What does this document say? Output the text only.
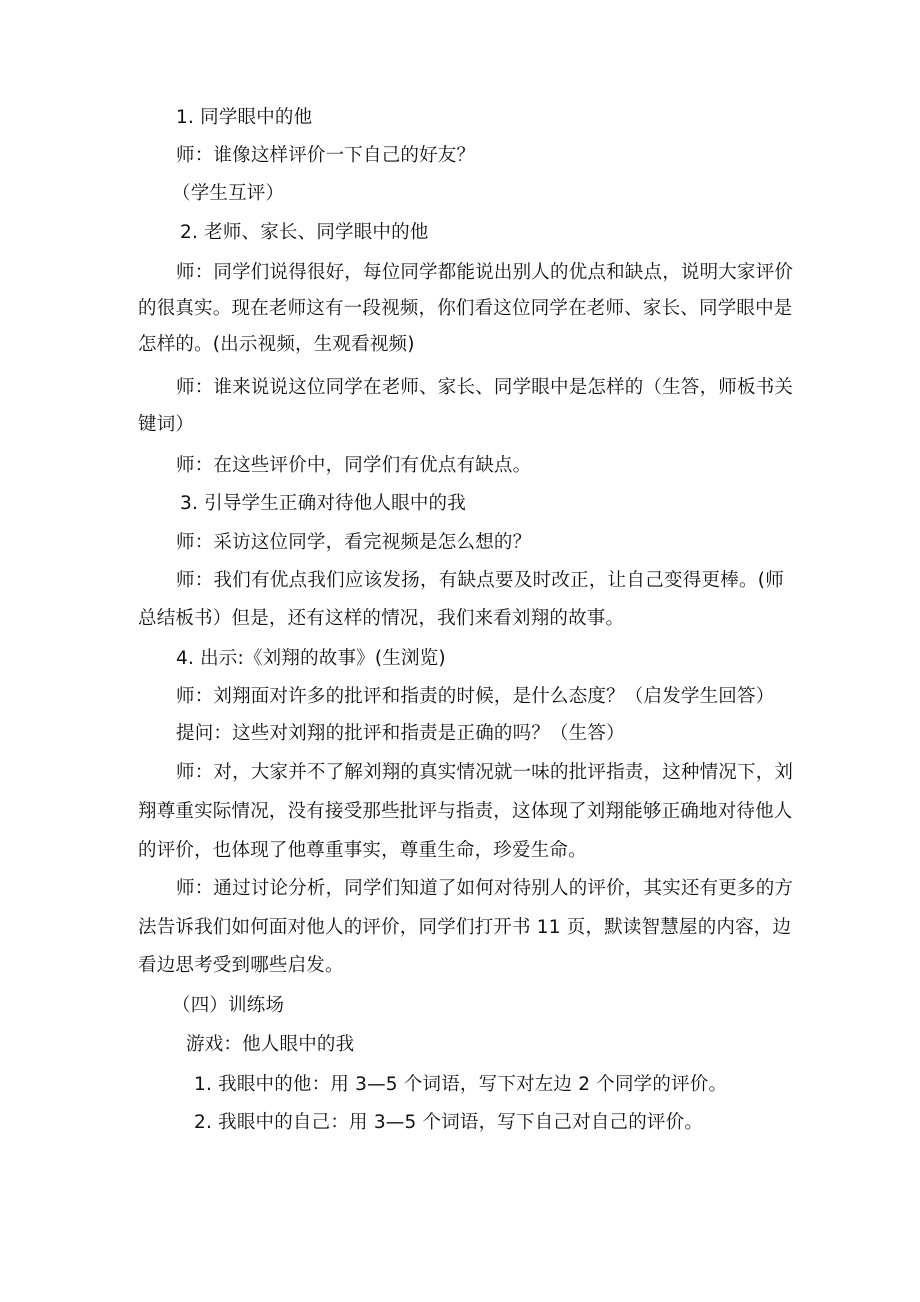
1. 同学眼中的他
师：谁像这样评价一下自己的好友？
（学生互评）
2. 老师、家长、同学眼中的他
师：同学们说得很好，每位同学都能说出别人的优点和缺点，说明大家评价
的很真实。现在老师这有一段视频，你们看这位同学在老师、家长、同学眼中是
怎样的。(出示视频，生观看视频)
师：谁来说说这位同学在老师、家长、同学眼中是怎样的（生答，师板书关
键词）
师：在这些评价中，同学们有优点有缺点。
3. 引导学生正确对待他人眼中的我
师：采访这位同学，看完视频是怎么想的？
师：我们有优点我们应该发扬，有缺点要及时改正，让自己变得更棒。(师
总结板书）但是，还有这样的情况，我们来看刘翔的故事。
4. 出示:《刘翔的故事》(生浏览)
师：刘翔面对许多的批评和指责的时候，是什么态度？（启发学生回答）
提问：这些对刘翔的批评和指责是正确的吗？（生答）
师：对，大家并不了解刘翔的真实情况就一味的批评指责，这种情况下，刘
翔尊重实际情况，没有接受那些批评与指责，这体现了刘翔能够正确地对待他人
的评价，也体现了他尊重事实，尊重生命，珍爱生命。
师：通过讨论分析，同学们知道了如何对待别人的评价，其实还有更多的方
法告诉我们如何面对他人的评价，同学们打开书 11 页，默读智慧屋的内容，边
看边思考受到哪些启发。
（四）训练场
游戏：他人眼中的我
1. 我眼中的他：用 3—5 个词语，写下对左边 2 个同学的评价。
2. 我眼中的自己：用 3—5 个词语，写下自己对自己的评价。
